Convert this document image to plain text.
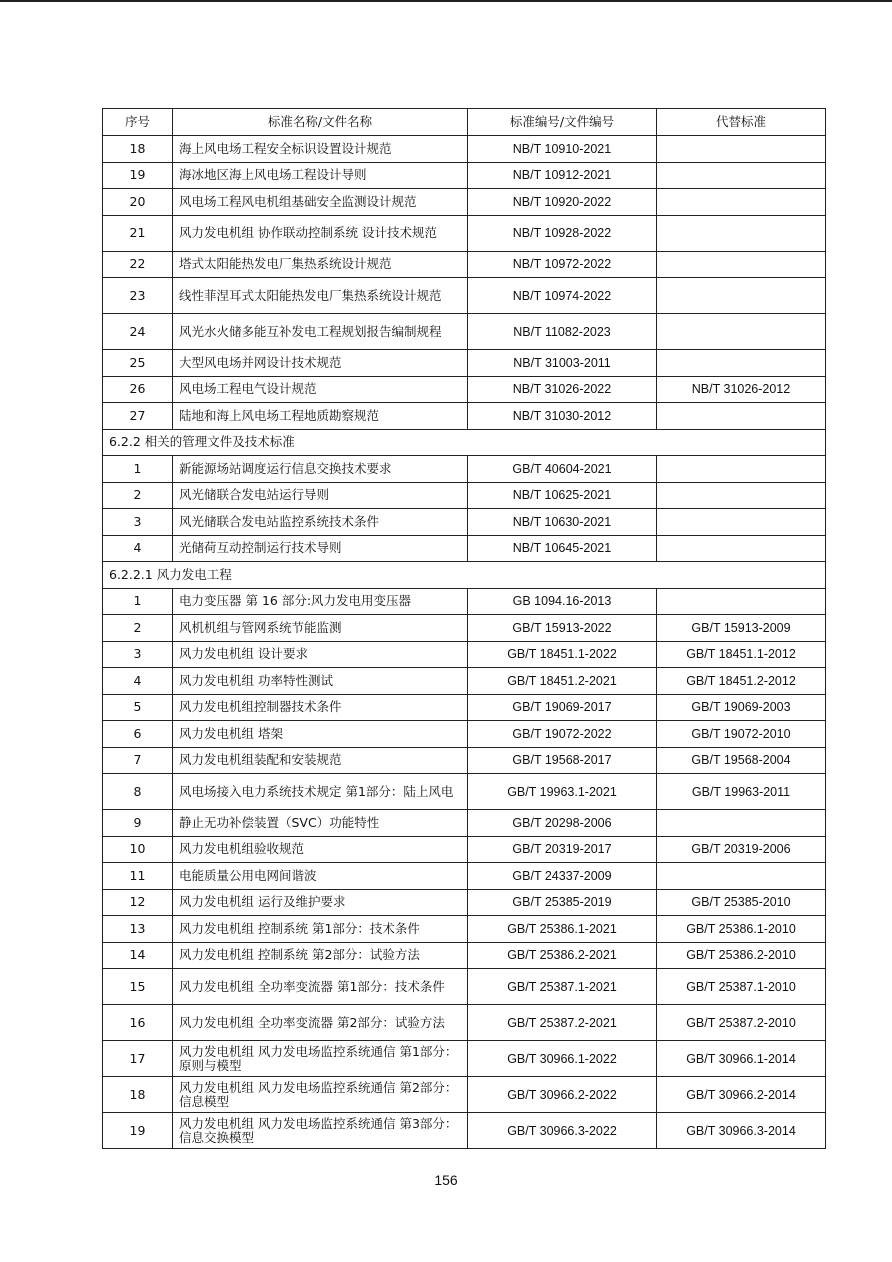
序号	标准名称/文件名称	标准编号/文件编号	代替标准
18	海上风电场工程安全标识设置设计规范	NB/T 10910-2021	
19	海冰地区海上风电场工程设计导则	NB/T 10912-2021	
20	风电场工程风电机组基础安全监测设计规范	NB/T 10920-2022	
21	风力发电机组 协作联动控制系统 设计技术规范	NB/T 10928-2022	
22	塔式太阳能热发电厂集热系统设计规范	NB/T 10972-2022	
23	线性菲涅耳式太阳能热发电厂集热系统设计规范	NB/T 10974-2022	
24	风光水火储多能互补发电工程规划报告编制规程	NB/T 11082-2023	
25	大型风电场并网设计技术规范	NB/T 31003-2011	
26	风电场工程电气设计规范	NB/T 31026-2022	NB/T 31026-2012
27	陆地和海上风电场工程地质勘察规范	NB/T 31030-2012	
6.2.2 相关的管理文件及技术标准			
1	新能源场站调度运行信息交换技术要求	GB/T 40604-2021	
2	风光储联合发电站运行导则	NB/T 10625-2021	
3	风光储联合发电站监控系统技术条件	NB/T 10630-2021	
4	光储荷互动控制运行技术导则	NB/T 10645-2021	
6.2.2.1 风力发电工程			
1	电力变压器 第 16 部分:风力发电用变压器	GB 1094.16-2013	
2	风机机组与管网系统节能监测	GB/T 15913-2022	GB/T 15913-2009
3	风力发电机组 设计要求	GB/T 18451.1-2022	GB/T 18451.1-2012
4	风力发电机组 功率特性测试	GB/T 18451.2-2021	GB/T 18451.2-2012
5	风力发电机组控制器技术条件	GB/T 19069-2017	GB/T 19069-2003
6	风力发电机组 塔架	GB/T 19072-2022	GB/T 19072-2010
7	风力发电机组装配和安装规范	GB/T 19568-2017	GB/T 19568-2004
8	风电场接入电力系统技术规定 第1部分：陆上风电	GB/T 19963.1-2021	GB/T 19963-2011
9	静止无功补偿装置（SVC）功能特性	GB/T 20298-2006	
10	风力发电机组验收规范	GB/T 20319-2017	GB/T 20319-2006
11	电能质量公用电网间谐波	GB/T 24337-2009	
12	风力发电机组 运行及维护要求	GB/T 25385-2019	GB/T 25385-2010
13	风力发电机组 控制系统 第1部分：技术条件	GB/T 25386.1-2021	GB/T 25386.1-2010
14	风力发电机组 控制系统 第2部分：试验方法	GB/T 25386.2-2021	GB/T 25386.2-2010
15	风力发电机组 全功率变流器 第1部分：技术条件	GB/T 25387.1-2021	GB/T 25387.1-2010
16	风力发电机组 全功率变流器 第2部分：试验方法	GB/T 25387.2-2021	GB/T 25387.2-2010
17	风力发电机组 风力发电场监控系统通信 第1部分：原则与模型	GB/T 30966.1-2022	GB/T 30966.1-2014
18	风力发电机组 风力发电场监控系统通信 第2部分：信息模型	GB/T 30966.2-2022	GB/T 30966.2-2014
19	风力发电机组 风力发电场监控系统通信 第3部分：信息交换模型	GB/T 30966.3-2022	GB/T 30966.3-2014
156
